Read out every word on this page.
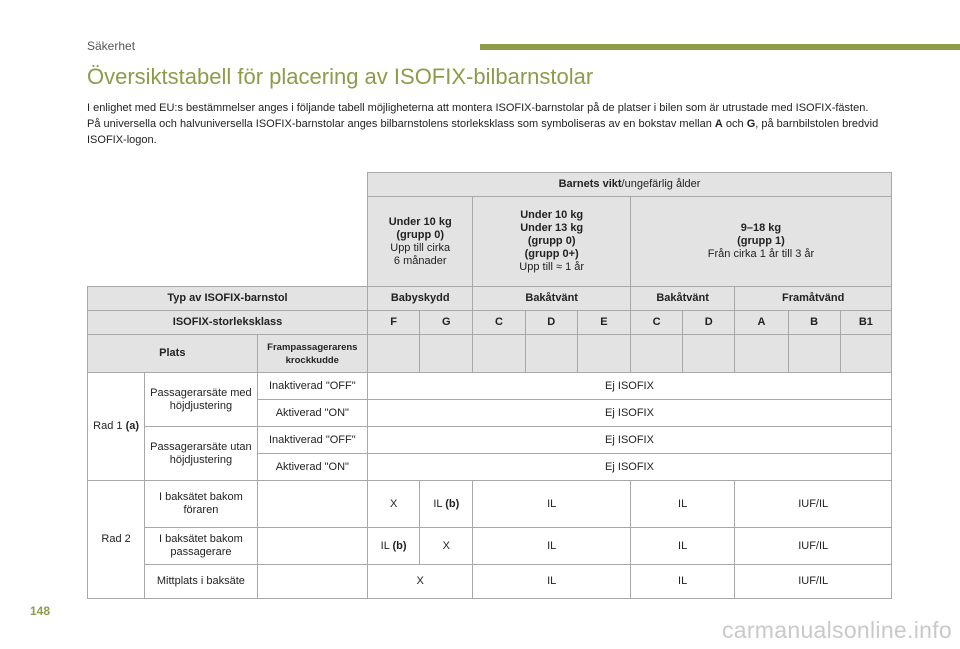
Säkerhet
Översiktstabell för placering av ISOFIX-bilbarnstolar

I enlighet med EU:s bestämmelser anges i följande tabell möjligheterna att montera ISOFIX-barnstolar på de platser i bilen som är utrustade med ISOFIX-fästen.

På universella och halvuniversella ISOFIX-barnstolar anges bilbarnstolens storleksklass som symboliseras av en bokstav mellan A och G, på barnbilstolen bredvid ISOFIX-logon.

			Barnets vikt/ungefärlig ålder									
			Under 10 kg
(grupp 0)
Upp till cirka
6 månader		Under 10 kg
Under 13 kg
(grupp 0)
(grupp 0+)
Upp till ≈ 1 år			9–18 kg
(grupp 1)
Från cirka 1 år till 3 år				
Typ av ISOFIX-barnstol			Babyskydd		Bakåtvänt			Bakåtvänt		Framåtvänd		
ISOFIX-storleksklass			F	G	C	D	E	C	D	A	B	B1
Plats		Frampassagerarens krockkudde										
Rad 1 (a)	Passagerarsäte med höjdjustering	Inaktiverad "OFF"	Ej ISOFIX									
		Aktiverad "ON"	Ej ISOFIX									
	Passagerarsäte utan höjdjustering	Inaktiverad "OFF"	Ej ISOFIX									
		Aktiverad "ON"	Ej ISOFIX									
Rad 2	I baksätet bakom föraren		X	IL (b)	IL			IL		IUF/IL		
	I baksätet bakom passagerare		IL (b)	X	IL			IL		IUF/IL		
	Mittplats i baksäte		X		IL			IL		IUF/IL		
148
carmanualsonline.info
